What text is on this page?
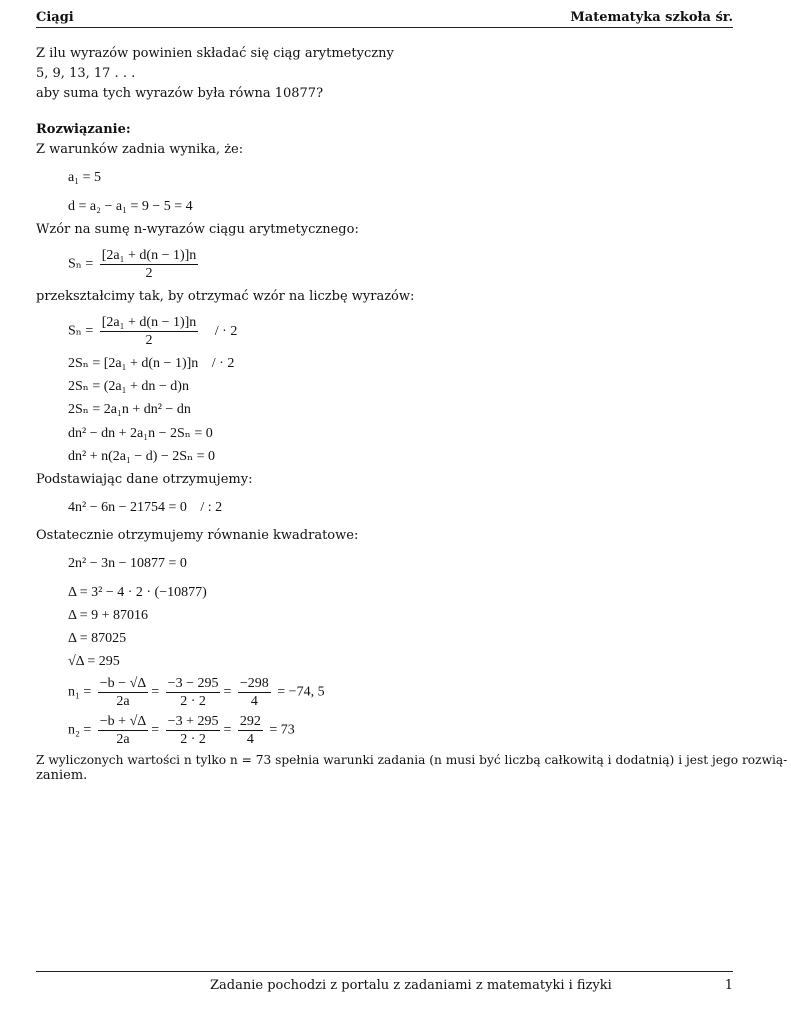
Ciągi	Matematyka szkoła śr.
Z ilu wyrazów powinien składać się ciąg arytmetyczny
5, 9, 13, 17 . . .
aby suma tych wyrazów była równa 10877?
Rozwiązanie:
Z warunków zadnia wynika, że:
a₁ = 5
d = a₂ − a₁ = 9 − 5 = 4
Wzór na sumę n-wyrazów ciągu arytmetycznego:
$S_n = \frac{\text{[2a₁ + d(n − 1)]n}}{2}$
przekształcimy tak, by otrzymać wzór na liczbę wyrazów:
$S_n = \frac{\text{[2a₁ + d(n − 1)]n}}{2}$ / · 2
2Sₙ = [2a₁ + d(n − 1)]n / · 2
2Sₙ = (2a₁ + dn − d)n
2Sₙ = 2a₁n + dn² − dn
dn² − dn + 2a₁n − 2Sₙ = 0
dn² + n(2a₁ − d) − 2Sₙ = 0
Podstawiając dane otrzymujemy:
4n² − 6n − 21754 = 0 / : 2
Ostatecznie otrzymujemy równanie kwadratowe:
2n² − 3n − 10877 = 0
Δ = 3² − 4 · 2 · (−10877)
Δ = 9 + 87016
Δ = 87025
√Δ = 295
$n_1 = \frac{-b - √\Delta}{2a} = \frac{-3 - 295}{2 \cdot 2} = \frac{-298}{4} = -74$, 5
$n_2 = \frac{-b + √\Delta}{2a} = \frac{-3 + 295}{2 \cdot 2} = \frac{292}{4} = 73$
Z wyliczonych wartości n tylko n = 73 spełnia warunki zadania (n musi być liczbą całkowitą i dodatnią) i jest jego rozwią-
zaniem.
Zadanie pochodzi z portalu z zadaniami z matematyki i fizyki	1
